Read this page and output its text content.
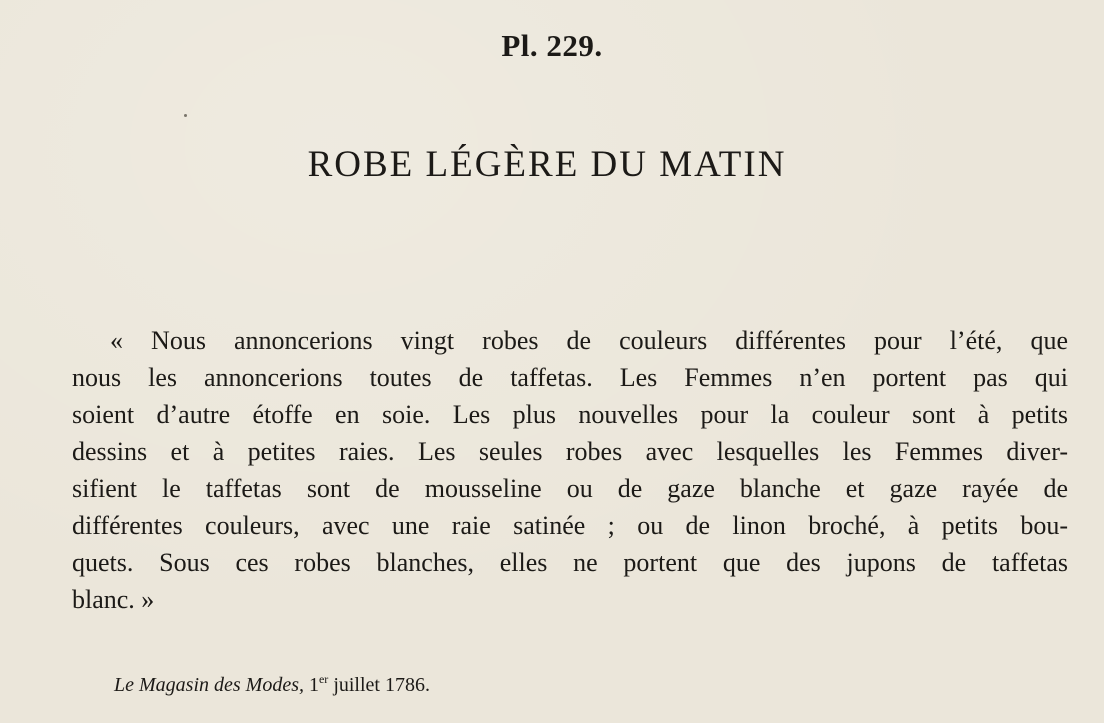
Pl. 229.
ROBE LÉGÈRE DU MATIN
« Nous annoncerions vingt robes de couleurs différentes pour l’été, que
nous les annoncerions toutes de taffetas. Les Femmes n’en portent pas qui
soient d’autre étoffe en soie. Les plus nouvelles pour la couleur sont à petits
dessins et à petites raies. Les seules robes avec lesquelles les Femmes diver-
sifient le taffetas sont de mousseline ou de gaze blanche et gaze rayée de
différentes couleurs, avec une raie satinée ; ou de linon broché, à petits bou-
quets. Sous ces robes blanches, elles ne portent que des jupons de taffetas
blanc. »
Le Magasin des Modes, 1er juillet 1786.
